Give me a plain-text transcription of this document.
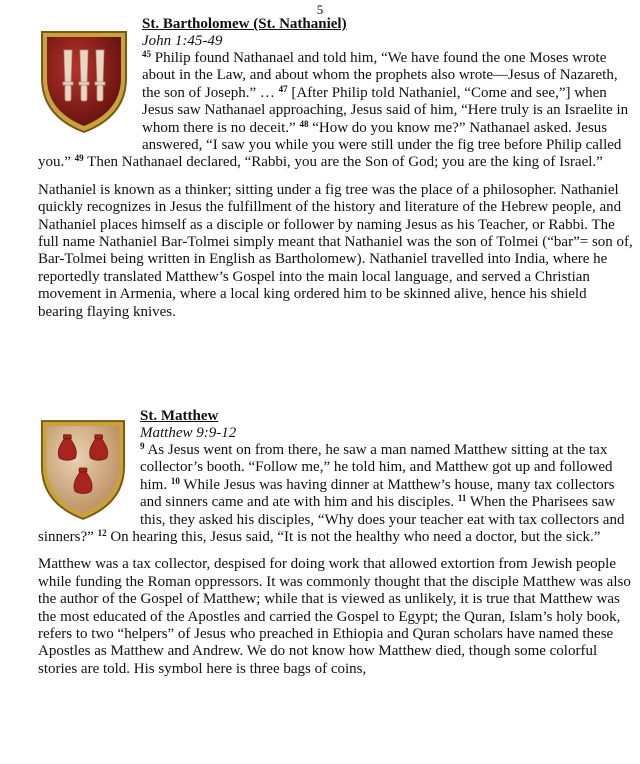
5
St. Bartholomew (St. Nathaniel)
John 1:45-49

$^{45}$ Philip found Nathanael and told him, “We have found the one Moses wrote about in the Law, and about whom the prophets also wrote—Jesus of Nazareth, the son of Joseph.” … $^{47}$ [After Philip told Nathaniel, “Come and see,”] when Jesus saw Nathanael approaching, Jesus said of him, “Here truly is an Israelite in whom there is no deceit.” $^{48}$ “How do you know me?” Nathanael asked. Jesus answered, “I saw you while you were still under the fig tree before Philip called you.” $^{49}$ Then Nathanael declared, “Rabbi, you are the Son of God; you are the king of Israel.”

Nathaniel is known as a thinker; sitting under a fig tree was the place of a philosopher. Nathaniel quickly recognizes in Jesus the fulfillment of the history and literature of the Hebrew people, and Nathaniel places himself as a disciple or follower by naming Jesus as his Teacher, or Rabbi. The full name Nathaniel Bar-Tolmei simply meant that Nathaniel was the son of Tolmei (“bar”= son of, Bar-Tolmei being written in English as Bartholomew). Nathaniel travelled into India, where he reportedly translated Matthew’s Gospel into the main local language, and served a Christian movement in Armenia, where a local king ordered him to be skinned alive, hence his shield bearing flaying knives.

St. Matthew
Matthew 9:9-12

$^9$ As Jesus went on from there, he saw a man named Matthew sitting at the tax collector’s booth. “Follow me,” he told him, and Matthew got up and followed him. $^{10}$ While Jesus was having dinner at Matthew’s house, many tax collectors and sinners came and ate with him and his disciples. $^{11}$ When the Pharisees saw this, they asked his disciples, “Why does your teacher eat with tax collectors and sinners?” $^{12}$ On hearing this, Jesus said, “It is not the healthy who need a doctor, but the sick.”

Matthew was a tax collector, despised for doing work that allowed extortion from Jewish people while funding the Roman oppressors. It was commonly thought that the disciple Matthew was also the author of the Gospel of Matthew; while that is viewed as unlikely, it is true that Matthew was the most educated of the Apostles and carried the Gospel to Egypt; the Quran, Islam’s holy book, refers to two “helpers” of Jesus who preached in Ethiopia and Quran scholars have named these Apostles as Matthew and Andrew. We do not know how Matthew died, though some colorful stories are told. His symbol here is three bags of coins,
